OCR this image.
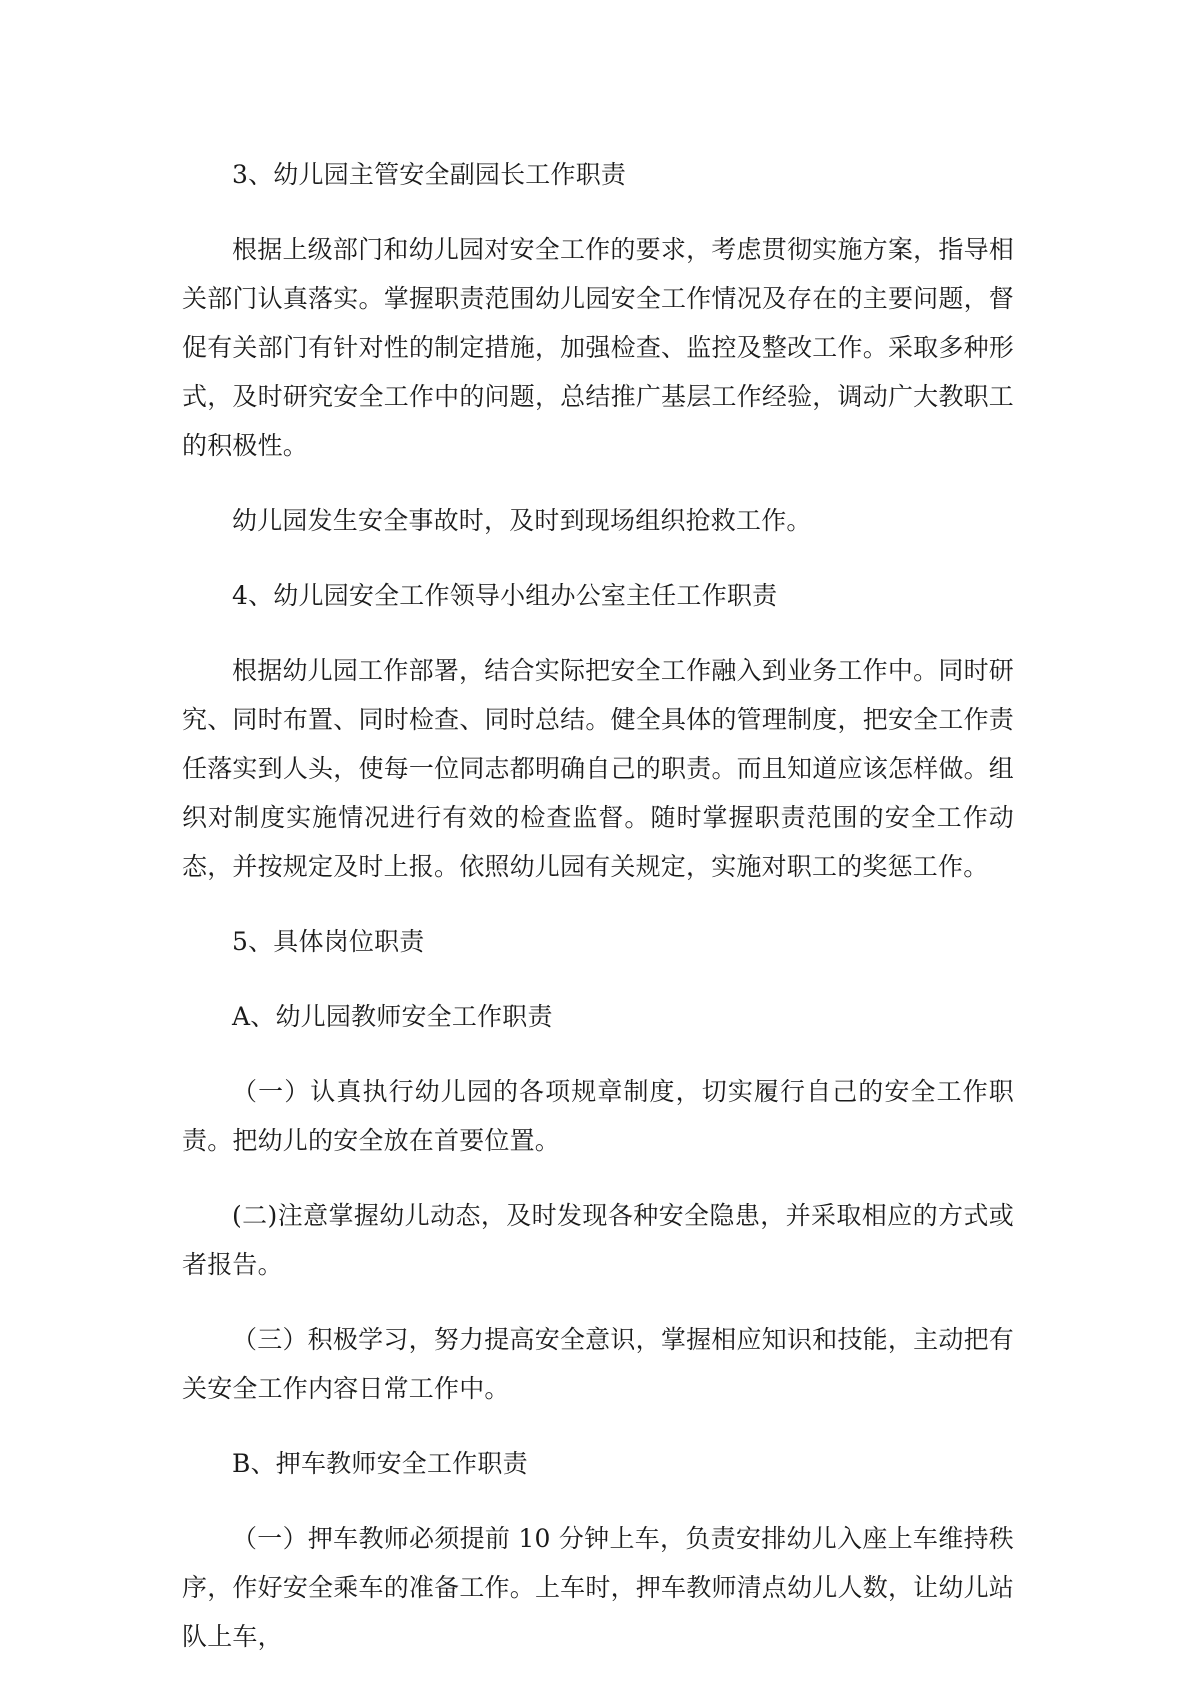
3、幼儿园主管安全副园长工作职责

根据上级部门和幼儿园对安全工作的要求，考虑贯彻实施方案，指导相关部门认真落实。掌握职责范围幼儿园安全工作情况及存在的主要问题，督促有关部门有针对性的制定措施，加强检查、监控及整改工作。采取多种形式，及时研究安全工作中的问题，总结推广基层工作经验，调动广大教职工的积极性。

幼儿园发生安全事故时，及时到现场组织抢救工作。

4、幼儿园安全工作领导小组办公室主任工作职责

根据幼儿园工作部署，结合实际把安全工作融入到业务工作中。同时研究、同时布置、同时检查、同时总结。健全具体的管理制度，把安全工作责任落实到人头，使每一位同志都明确自己的职责。而且知道应该怎样做。组织对制度实施情况进行有效的检查监督。随时掌握职责范围的安全工作动态，并按规定及时上报。依照幼儿园有关规定，实施对职工的奖惩工作。

5、具体岗位职责

A、幼儿园教师安全工作职责

（一）认真执行幼儿园的各项规章制度，切实履行自己的安全工作职责。把幼儿的安全放在首要位置。

(二)注意掌握幼儿动态，及时发现各种安全隐患，并采取相应的方式或者报告。

（三）积极学习，努力提高安全意识，掌握相应知识和技能，主动把有关安全工作内容日常工作中。

B、押车教师安全工作职责

（一）押车教师必须提前 10 分钟上车，负责安排幼儿入座上车维持秩序，作好安全乘车的准备工作。上车时，押车教师清点幼儿人数，让幼儿站队上车，
